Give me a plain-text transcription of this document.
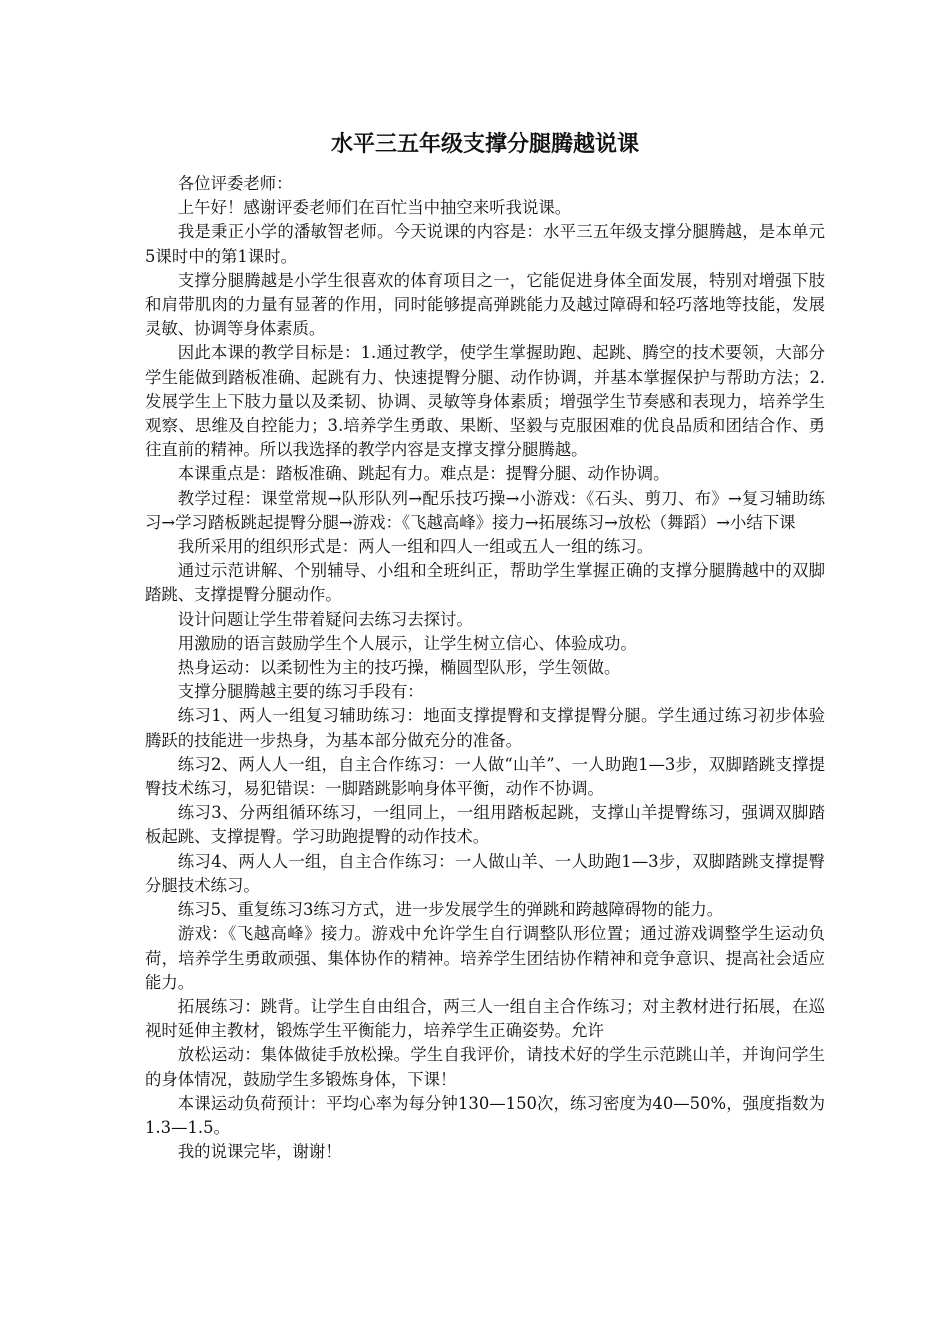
水平三五年级支撑分腿腾越说课

各位评委老师：

上午好！感谢评委老师们在百忙当中抽空来听我说课。

我是秉正小学的潘敏智老师。今天说课的内容是：水平三五年级支撑分腿腾越，是本单元5课时中的第1课时。

支撑分腿腾越是小学生很喜欢的体育项目之一，它能促进身体全面发展，特别对增强下肢和肩带肌肉的力量有显著的作用，同时能够提高弹跳能力及越过障碍和轻巧落地等技能，发展灵敏、协调等身体素质。

因此本课的教学目标是：1.通过教学，使学生掌握助跑、起跳、腾空的技术要领，大部分学生能做到踏板准确、起跳有力、快速提臀分腿、动作协调，并基本掌握保护与帮助方法；2.发展学生上下肢力量以及柔韧、协调、灵敏等身体素质；增强学生节奏感和表现力，培养学生观察、思维及自控能力；3.培养学生勇敢、果断、坚毅与克服困难的优良品质和团结合作、勇往直前的精神。所以我选择的教学内容是支撑支撑分腿腾越。

本课重点是：踏板准确、跳起有力。难点是：提臀分腿、动作协调。

教学过程：课堂常规→队形队列→配乐技巧操→小游戏：《石头、剪刀、布》→复习辅助练习→学习踏板跳起提臀分腿→游戏：《飞越高峰》接力→拓展练习→放松（舞蹈）→小结下课

我所采用的组织形式是：两人一组和四人一组或五人一组的练习。

通过示范讲解、个别辅导、小组和全班纠正，帮助学生掌握正确的支撑分腿腾越中的双脚踏跳、支撑提臀分腿动作。

设计问题让学生带着疑问去练习去探讨。

用激励的语言鼓励学生个人展示，让学生树立信心、体验成功。

热身运动：以柔韧性为主的技巧操，椭圆型队形，学生领做。

支撑分腿腾越主要的练习手段有：

练习1、两人一组复习辅助练习：地面支撑提臀和支撑提臀分腿。学生通过练习初步体验腾跃的技能进一步热身，为基本部分做充分的准备。

练习2、两人人一组，自主合作练习：一人做“山羊”、一人助跑1—3步，双脚踏跳支撑提臀技术练习，易犯错误：一脚踏跳影响身体平衡，动作不协调。

练习3、分两组循环练习，一组同上，一组用踏板起跳，支撑山羊提臀练习，强调双脚踏板起跳、支撑提臀。学习助跑提臀的动作技术。

练习4、两人人一组，自主合作练习：一人做山羊、一人助跑1—3步，双脚踏跳支撑提臀分腿技术练习。

练习5、重复练习3练习方式，进一步发展学生的弹跳和跨越障碍物的能力。

游戏：《飞越高峰》接力。游戏中允许学生自行调整队形位置；通过游戏调整学生运动负荷，培养学生勇敢顽强、集体协作的精神。培养学生团结协作精神和竞争意识、提高社会适应能力。

拓展练习：跳背。让学生自由组合，两三人一组自主合作练习；对主教材进行拓展，在巡视时延伸主教材，锻炼学生平衡能力，培养学生正确姿势。允许

放松运动：集体做徒手放松操。学生自我评价，请技术好的学生示范跳山羊，并询问学生的身体情况，鼓励学生多锻炼身体，下课！

本课运动负荷预计：平均心率为每分钟130—150次，练习密度为40—50%，强度指数为1.3—1.5。

我的说课完毕，谢谢！
